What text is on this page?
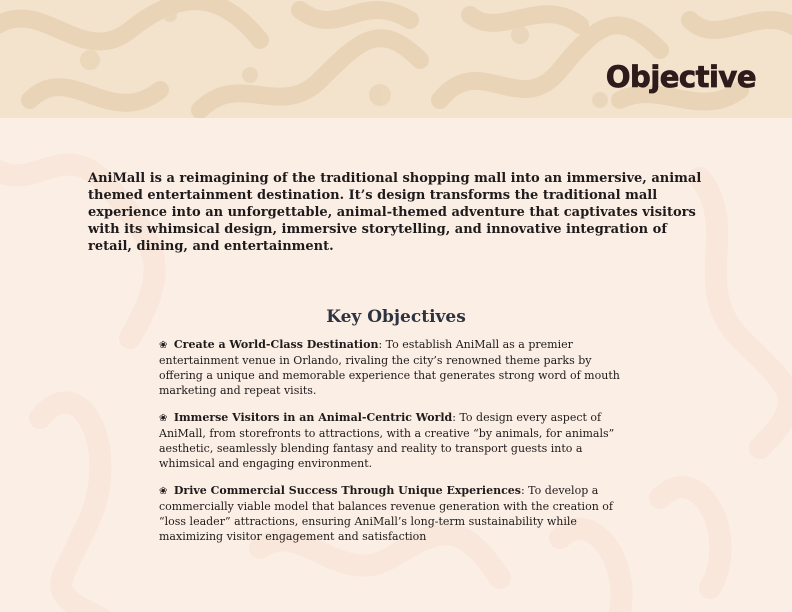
Objective

AniMall is a reimagining of the traditional shopping mall into an immersive, animal themed entertainment destination. It’s design transforms the traditional mall experience into an unforgettable, animal-themed adventure that captivates visitors with its whimsical design, immersive storytelling, and innovative integration of retail, dining, and entertainment.

Key Objectives
❀ Create a World-Class Destination: To establish AniMall as a premier entertainment venue in Orlando, rivaling the city’s renowned theme parks by offering a unique and memorable experience that generates strong word of mouth marketing and repeat visits.
❀ Immerse Visitors in an Animal-Centric World: To design every aspect of AniMall, from storefronts to attractions, with a creative “by animals, for animals” aesthetic, seamlessly blending fantasy and reality to transport guests into a whimsical and engaging environment.
❀ Drive Commercial Success Through Unique Experiences: To develop a commercially viable model that balances revenue generation with the creation of “loss leader” attractions, ensuring AniMall’s long-term sustainability while maximizing visitor engagement and satisfaction
